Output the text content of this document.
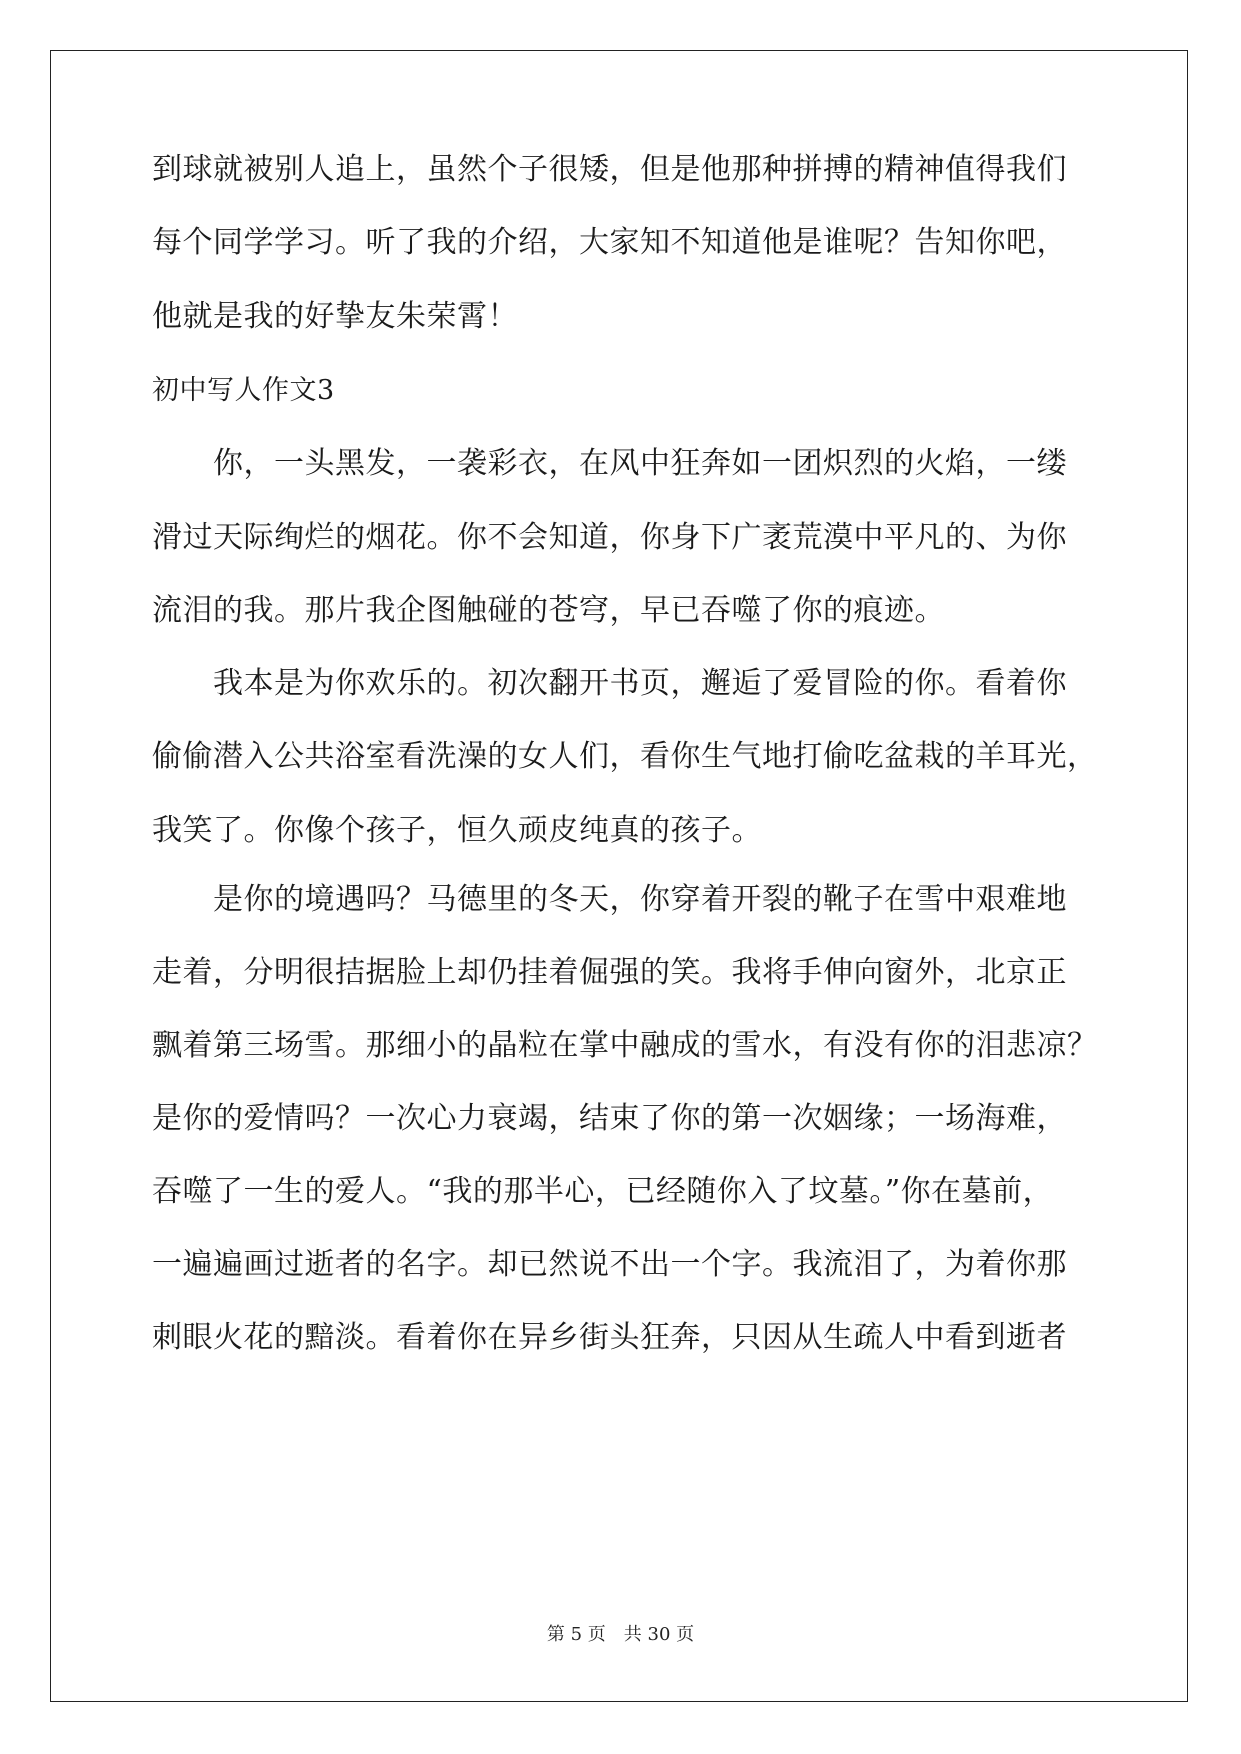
到球就被别人追上，虽然个子很矮，但是他那种拼搏的精神值得我们
每个同学学习。听了我的介绍，大家知不知道他是谁呢？告知你吧，
他就是我的好挚友朱荣霄！
初中写人作文3
　　你，一头黑发，一袭彩衣，在风中狂奔如一团炽烈的火焰，一缕
滑过天际绚烂的烟花。你不会知道，你身下广袤荒漠中平凡的、为你
流泪的我。那片我企图触碰的苍穹，早已吞噬了你的痕迹。
　　我本是为你欢乐的。初次翻开书页，邂逅了爱冒险的你。看着你
偷偷潜入公共浴室看洗澡的女人们，看你生气地打偷吃盆栽的羊耳光，
我笑了。你像个孩子，恒久顽皮纯真的孩子。
　　是你的境遇吗？马德里的冬天，你穿着开裂的靴子在雪中艰难地
走着，分明很拮据脸上却仍挂着倔强的笑。我将手伸向窗外，北京正
飘着第三场雪。那细小的晶粒在掌中融成的雪水，有没有你的泪悲凉？
是你的爱情吗？一次心力衰竭，结束了你的第一次姻缘；一场海难，
吞噬了一生的爱人。“我的那半心，已经随你入了坟墓。”你在墓前，
一遍遍画过逝者的名字。却已然说不出一个字。我流泪了，为着你那
刺眼火花的黯淡。看着你在异乡街头狂奔，只因从生疏人中看到逝者
第 5 页　共 30 页
